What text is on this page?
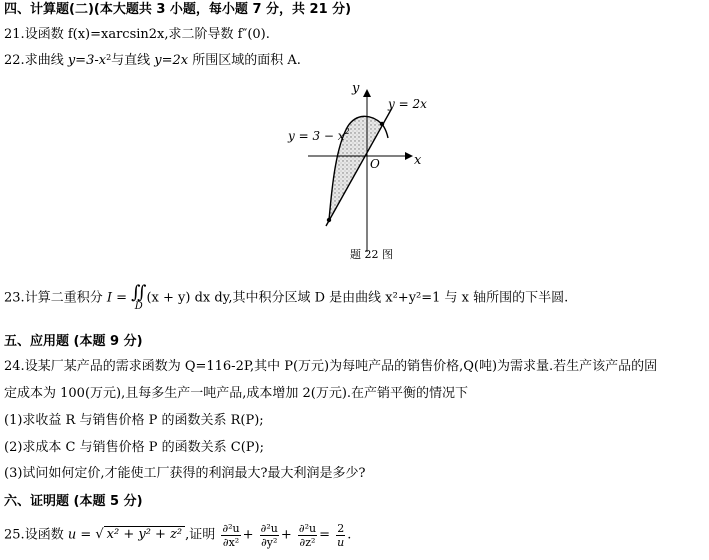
四、计算题(二)(本大题共 3 小题，每小题 7 分，共 21 分)
21.设函数 f(x)=xarcsin2x,求二阶导数 f″(0).
22.求曲线 $y=3-x^2$与直线 y=2x 所围区域的面积 A.
y
x
O
y = 2x
$y = 3 - x^2$
题 22 图
23.计算二重积分 I = ∬
D
(x + y) dx dy,其中积分区域 D 是由曲线 x²+y²=1 与 x 轴所围的下半圆.
五、应用题 (本题 9 分)
24.设某厂某产品的需求函数为 Q=116-2P,其中 P(万元)为每吨产品的销售价格,Q(吨)为需求量.若生产该产品的固
定成本为 100(万元),且每多生产一吨产品,成本增加 2(万元).在产销平衡的情况下
(1)求收益 R 与销售价格 P 的函数关系 R(P);
(2)求成本 C 与销售价格 P 的函数关系 C(P);
(3)试问如何定价,才能使工厂获得的利润最大?最大利润是多少?
六、证明题 (本题 5 分)
25.设函数 u = √ x² + y² + z² ,证明 $\frac{\text{∂²u}}{\text{∂x²}} + \frac{\text{∂²u}}{\text{∂y²}} + \frac{\text{∂²u}}{\text{∂z²}} = \frac{2}{u}$ .
